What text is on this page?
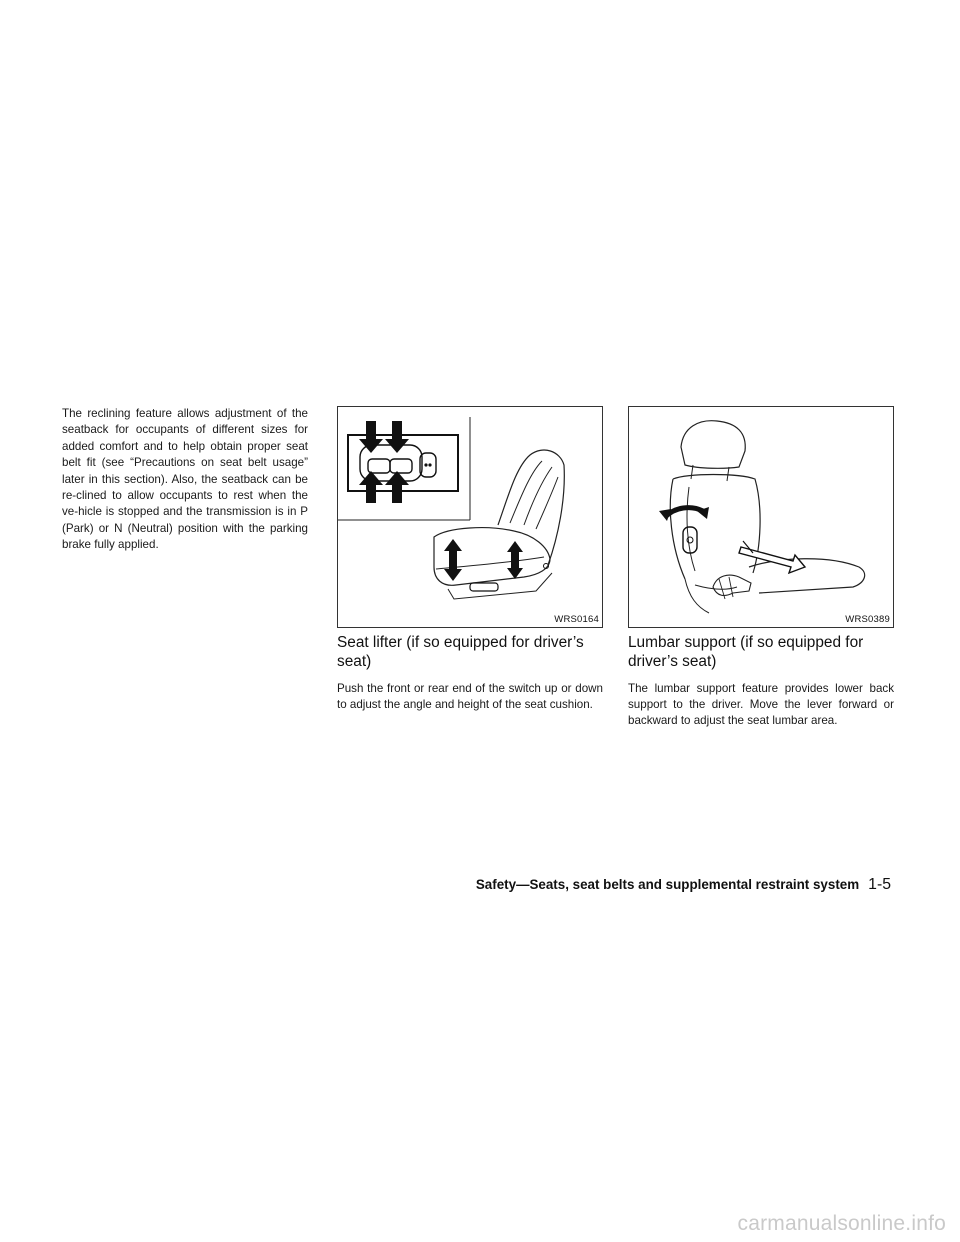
The reclining feature allows adjustment of the seatback for occupants of different sizes for added comfort and to help obtain proper seat belt fit (see “Precautions on seat belt usage” later in this section). Also, the seatback can be re-clined to allow occupants to rest when the ve-hicle is stopped and the transmission is in P (Park) or N (Neutral) position with the parking brake fully applied.
WRS0164	WRS0389
Seat lifter (if so equipped for driver’s seat)
Lumbar support (if so equipped for driver’s seat)
Push the front or rear end of the switch up or down to adjust the angle and height of the seat cushion.
The lumbar support feature provides lower back support to the driver. Move the lever forward or backward to adjust the seat lumbar area.
Safety—Seats, seat belts and supplemental restraint system 1-5
carmanualsonline.info
